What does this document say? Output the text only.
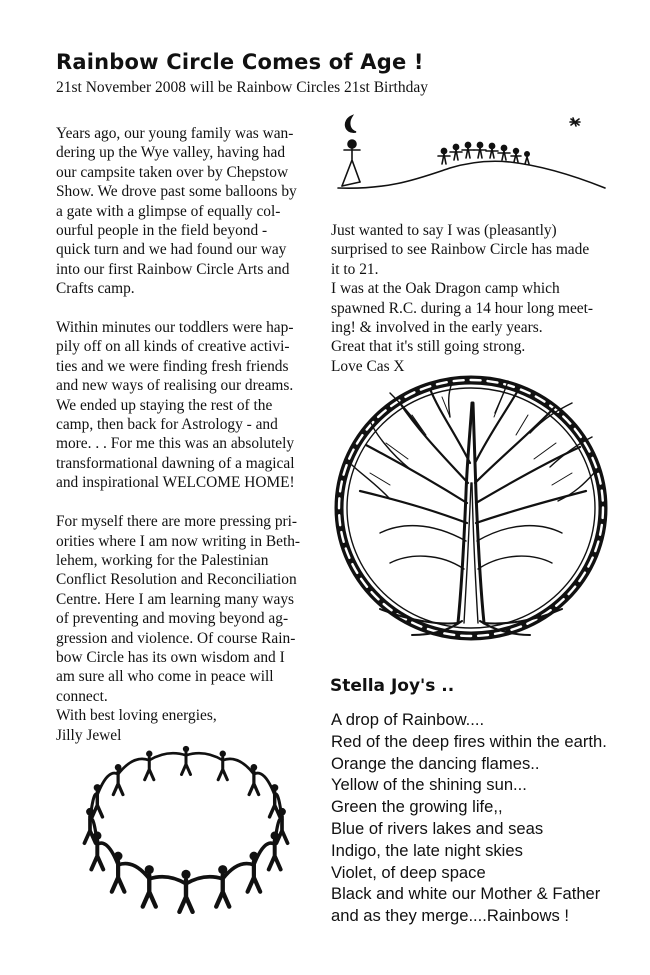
Rainbow Circle Comes of Age !

21st November 2008 will be Rainbow Circles 21st Birthday

Years ago, our young family was wan-
dering up the Wye valley, having had
our campsite taken over by Chepstow
Show. We drove past some balloons by
a gate with a glimpse of equally col-
ourful people in the field beyond -
quick turn and we had found our way
into our first Rainbow Circle Arts and
Crafts camp.

Within minutes our toddlers were hap-
pily off on all kinds of creative activi-
ties and we were finding fresh friends
and new ways of realising our dreams.
We ended up staying the rest of the
camp, then back for Astrology - and
more. . . For me this was an absolutely
transformational dawning of a magical
and inspirational WELCOME HOME!

For myself there are more pressing pri-
orities where I am now writing in Beth-
lehem, working for the Palestinian
Conflict Resolution and Reconciliation
Centre. Here I am learning many ways
of preventing and moving beyond ag-
gression and violence. Of course Rain-
bow Circle has its own wisdom and I
am sure all who come in peace will
connect.
With best loving energies,
Jilly Jewel

Just wanted to say I was (pleasantly)
surprised to see Rainbow Circle has made
it to 21.
I was at the Oak Dragon camp which
spawned R.C. during a 14 hour long meet-
ing! & involved in the early years.
Great that it's still going strong.
Love Cas X
Stella Joy's ..
A drop of Rainbow....
Red of the deep fires within the earth.
Orange the dancing flames..
Yellow of the shining sun...
Green the growing life,,
Blue of rivers lakes and seas
Indigo, the late night skies
Violet, of deep space
Black and white our Mother & Father
and as they merge....Rainbows !
